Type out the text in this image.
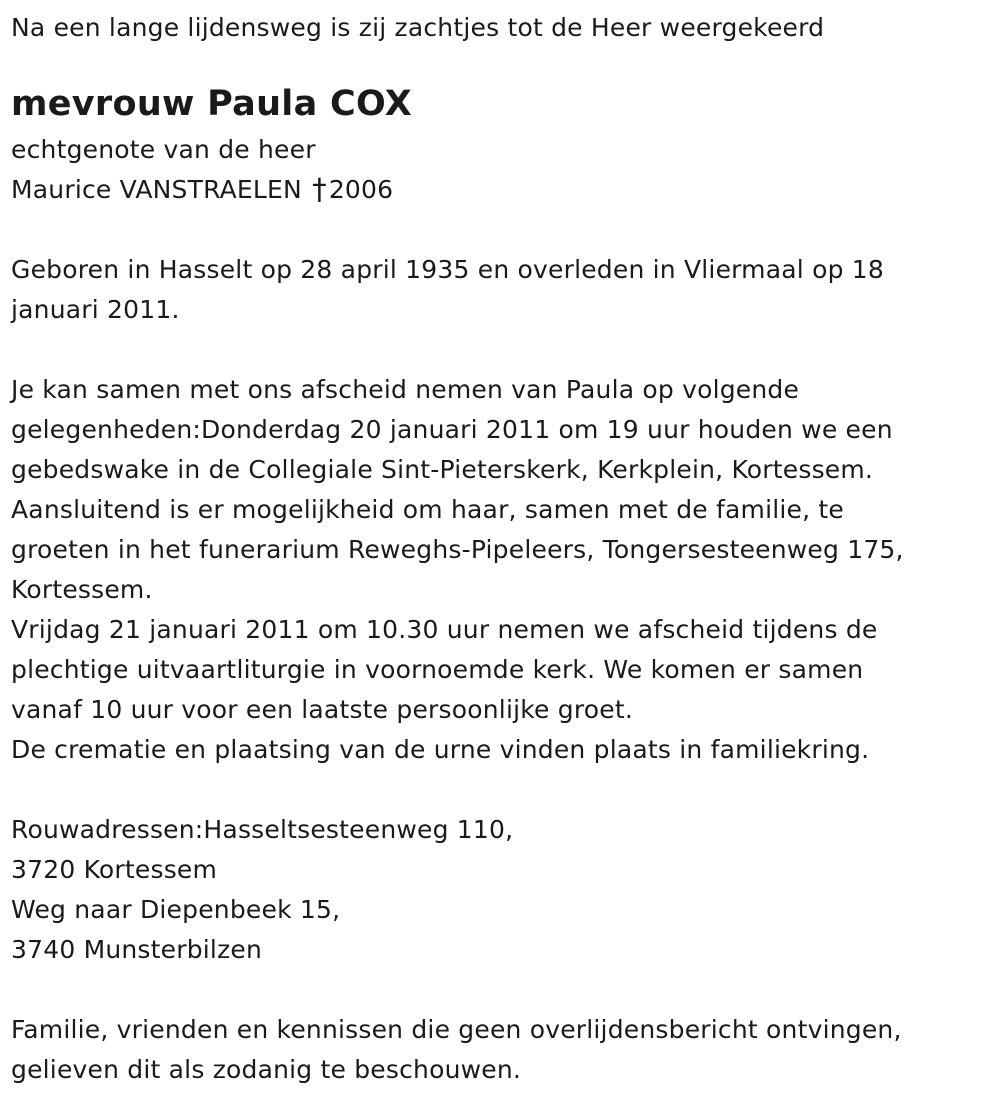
Na een lange lijdensweg is zij zachtjes tot de Heer weergekeerd
mevrouw Paula COX
echtgenote van de heer
Maurice VANSTRAELEN †2006
Geboren in Hasselt op 28 april 1935 en overleden in Vliermaal op 18
januari 2011.
Je kan samen met ons afscheid nemen van Paula op volgende
gelegenheden:Donderdag 20 januari 2011 om 19 uur houden we een
gebedswake in de Collegiale Sint-Pieterskerk, Kerkplein, Kortessem.
Aansluitend is er mogelijkheid om haar, samen met de familie, te
groeten in het funerarium Reweghs-Pipeleers, Tongersesteenweg 175,
Kortessem.
Vrijdag 21 januari 2011 om 10.30 uur nemen we afscheid tijdens de
plechtige uitvaartliturgie in voornoemde kerk. We komen er samen
vanaf 10 uur voor een laatste persoonlijke groet.
De crematie en plaatsing van de urne vinden plaats in familiekring.
Rouwadressen:Hasseltsesteenweg 110,
3720 Kortessem
Weg naar Diepenbeek 15,
3740 Munsterbilzen
Familie, vrienden en kennissen die geen overlijdensbericht ontvingen,
gelieven dit als zodanig te beschouwen.
